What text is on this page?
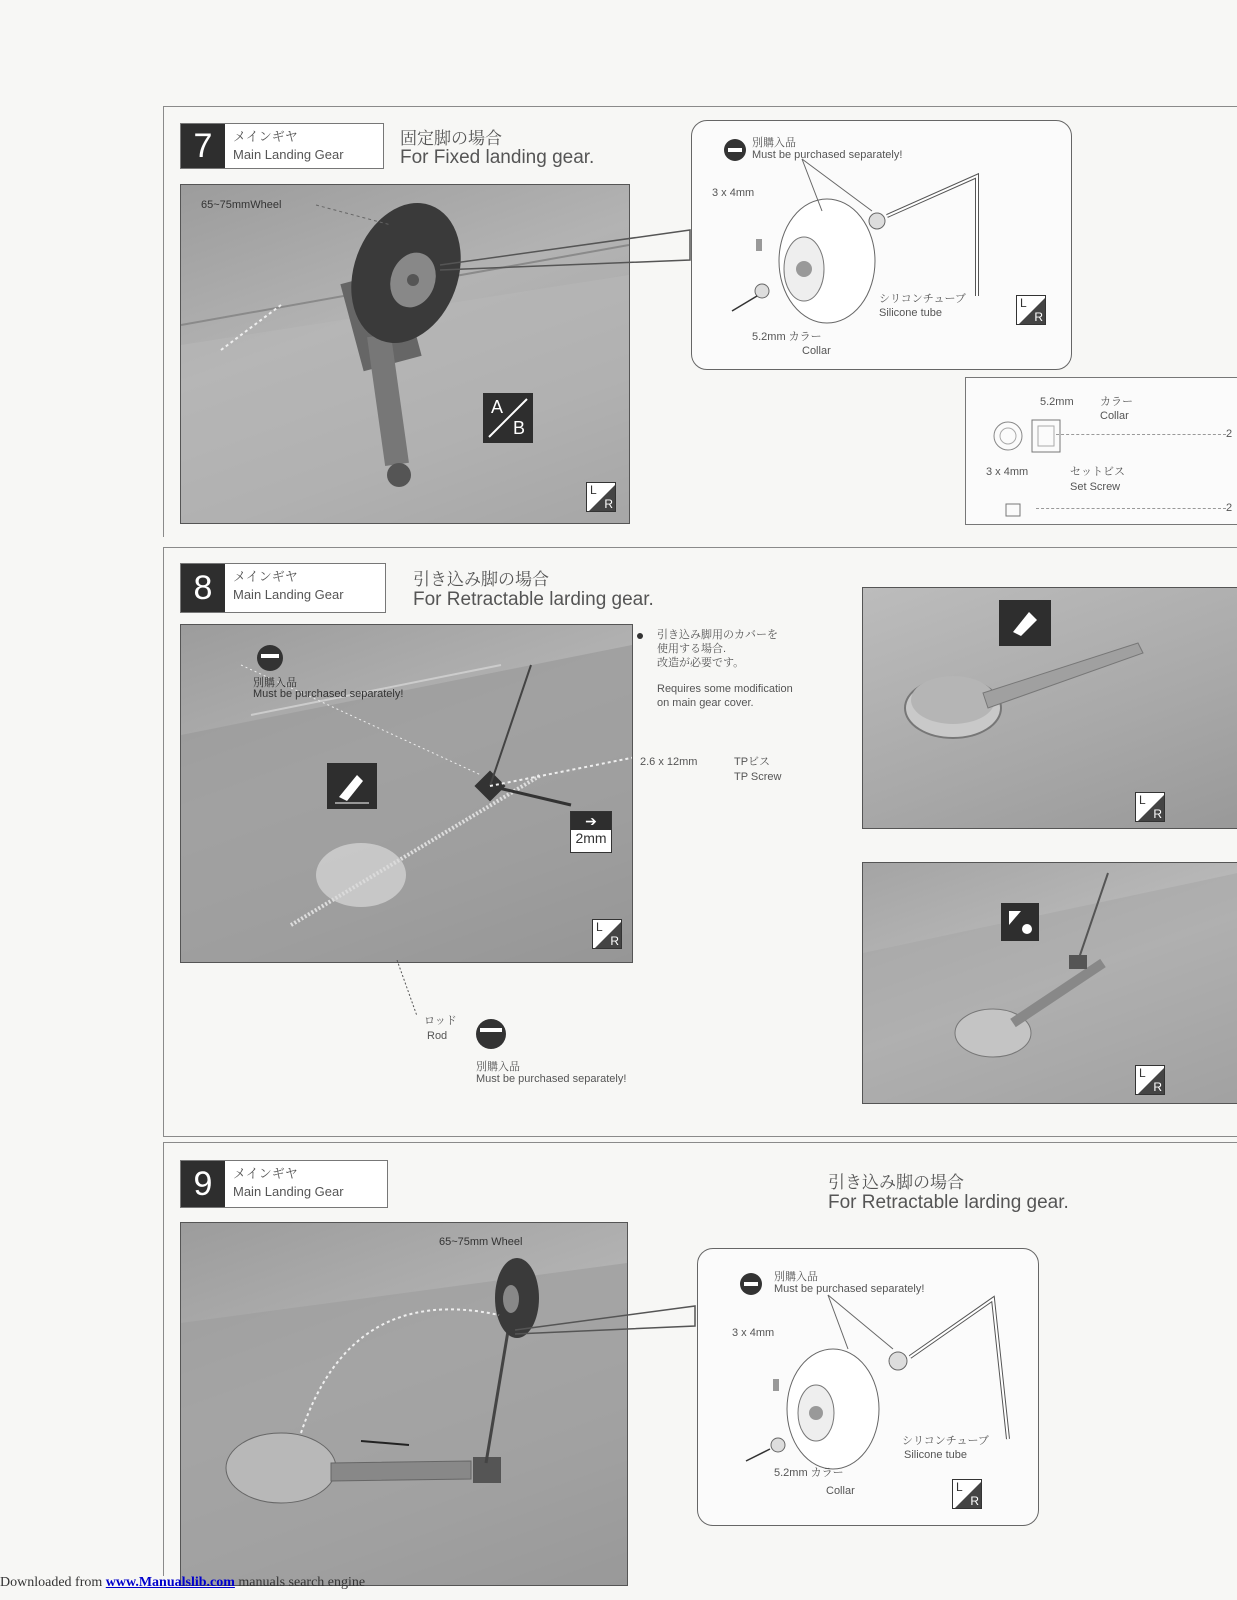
7	メインギヤ
Main Landing Gear
固定脚の場合
For Fixed landing gear.
65~75mmWheel
A
B
L
R
別購入品
Must be purchased separately!
3 x 4mm
シリコンチューブ
Silicone tube
5.2mm カラー
Collar
L
R
5.2mm カラー
Collar
2
3 x 4mm	セットビス
Set Screw
2
8	メインギヤ
Main Landing Gear
引き込み脚の場合
For Retractable larding gear.
別購入品
Must be purchased separately!
➔
2mm
L
R
引き込み脚用のカバーを
使用する場合.
改造が必要です。
Requires some modification
on main gear cover.
2.6 x 12mm	TPビス
TP Screw
ロッド
Rod
別購入品
Must be purchased separately!
L
R
L
R
9	メインギヤ
Main Landing Gear	引き込み脚の場合
For Retractable larding gear.
65~75mm Wheel
別購入品
Must be purchased separately!
3 x 4mm
シリコンチューブ
Silicone tube
5.2mm カラー
Collar	L
R
Downloaded from www.Manualslib.com manuals search engine
